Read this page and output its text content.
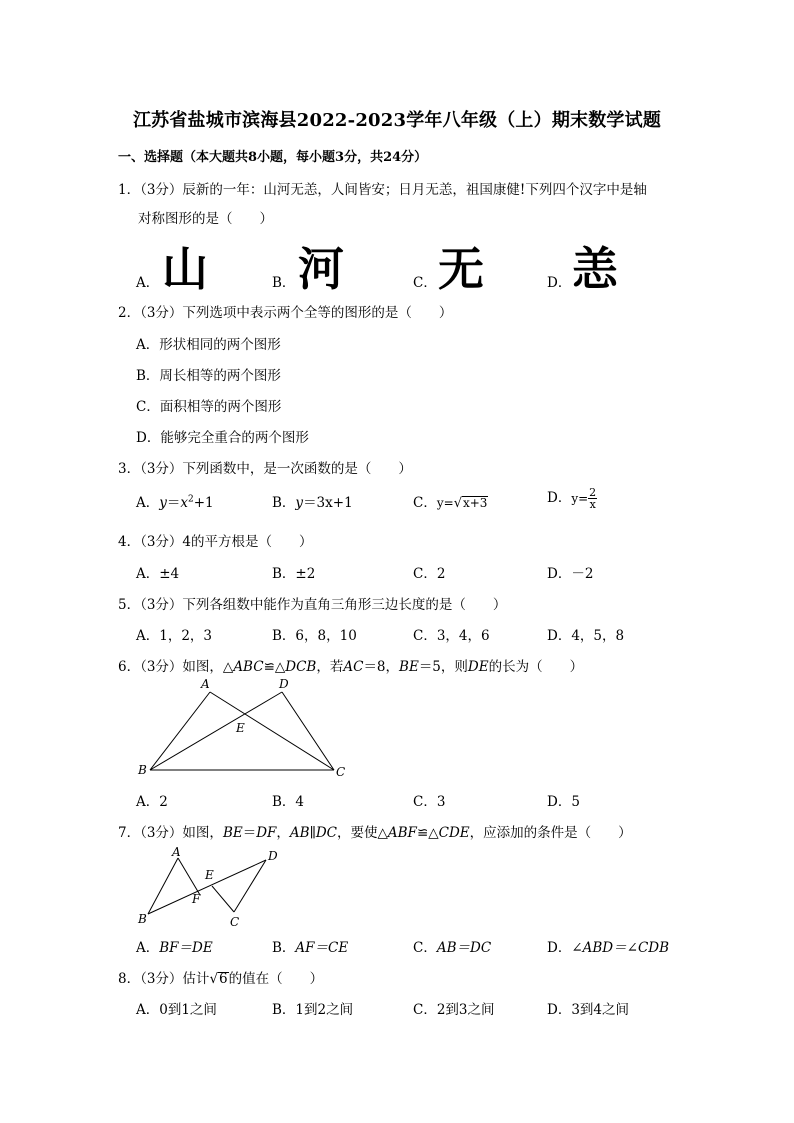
江苏省盐城市滨海县2022-2023学年八年级（上）期末数学试题
一、选择题（本大题共8小题，每小题3分，共24分）
1．（3分）辰新的一年：山河无恙，人间皆安；日月无恙，祖国康健!下列四个汉字中是轴
对称图形的是（　　）
A． 山	B． 河	C． 无	D． 恙
2．（3分）下列选项中表示两个全等的图形的是（　　）
A．形状相同的两个图形
B．周长相等的两个图形
C．面积相等的两个图形
D．能够完全重合的两个图形
3．（3分）下列函数中，是一次函数的是（　　）
A．$y=x^2+1$	B．y＝3x+1	C．y=√x+3	D．$y= \frac{2}{x}$
4．（3分）4的平方根是（　　）
A．±4	B．±2	C．2	D．－2
5．（3分）下列各组数中能作为直角三角形三边长度的是（　　）
A．1，2，3	B．6，8，10	C．3，4，6	D．4，5，8
6．（3分）如图，△ABC≌△DCB，若AC＝8，BE＝5，则DE的长为（　　）
A	D
E
B	C
A．2	B．4	C．3	D．5
7．（3分）如图，BE＝DF，AB∥DC，要使△ABF≌△CDE，应添加的条件是（　　）
A	D
E
F
B	C
A．BF＝DE	B．AF＝CE	C．AB＝DC	D．∠ABD＝∠CDB
8．（3分）估计√6的值在（　　）
A．0到1之间	B．1到2之间	C．2到3之间	D．3到4之间
